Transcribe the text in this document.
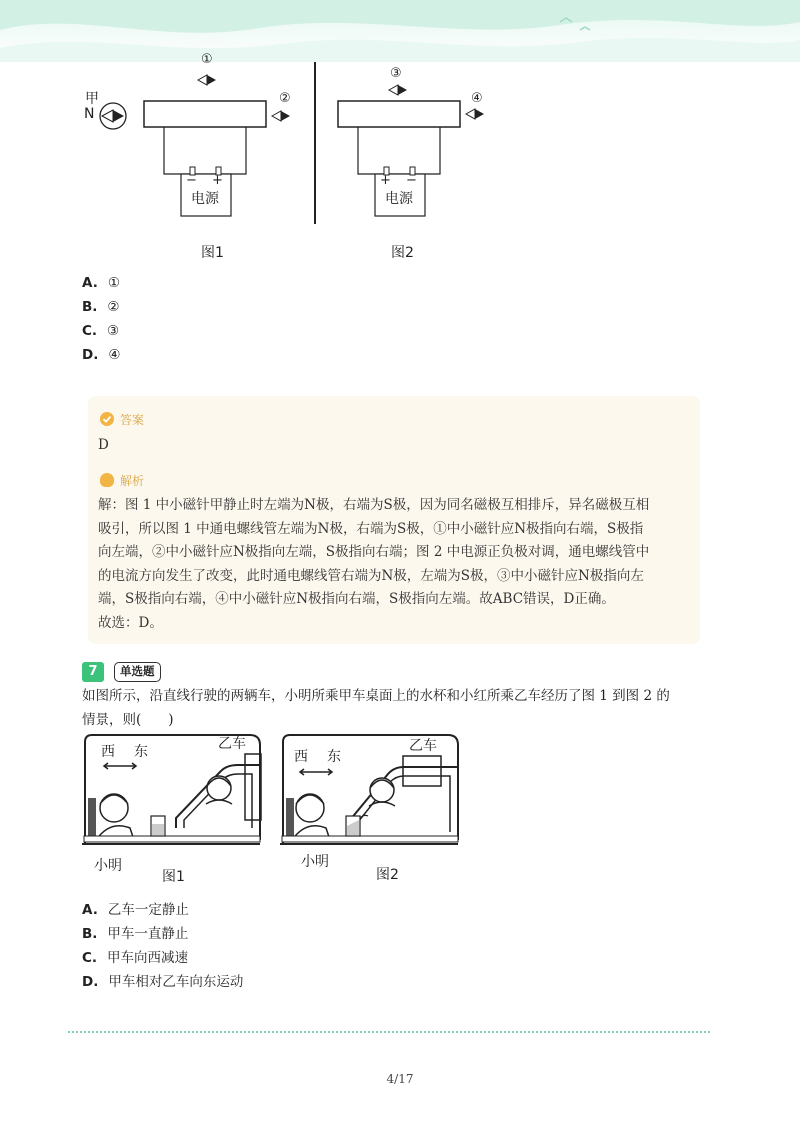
甲
N
①
②
③
④
− +
电源
+ −
电源
图1	图2
A. ①
B. ②
C. ③
D. ④
答案
D
解析
解：图 1 中小磁针甲静止时左端为N极，右端为S极，因为同名磁极互相排斥，异名磁极互相
吸引，所以图 1 中通电螺线管左端为N极，右端为S极，①中小磁针应N极指向右端，S极指
向左端，②中小磁针应N极指向左端，S极指向右端；图 2 中电源正负极对调，通电螺线管中
的电流方向发生了改变，此时通电螺线管右端为N极，左端为S极，③中小磁针应N极指向左
端，S极指向右端，④中小磁针应N极指向右端，S极指向左端。故ABC错误，D正确。
故选：D。
7	单选题
如图所示，沿直线行驶的两辆车，小明所乘甲车桌面上的水杯和小红所乘乙车经历了图 1 到图 2 的
情景，则(　　)
西 东	乙车
小明
图1
西 东
乙车
小明
图2
A. 乙车一定静止
B. 甲车一直静止
C. 甲车向西减速
D. 甲车相对乙车向东运动
4/17
